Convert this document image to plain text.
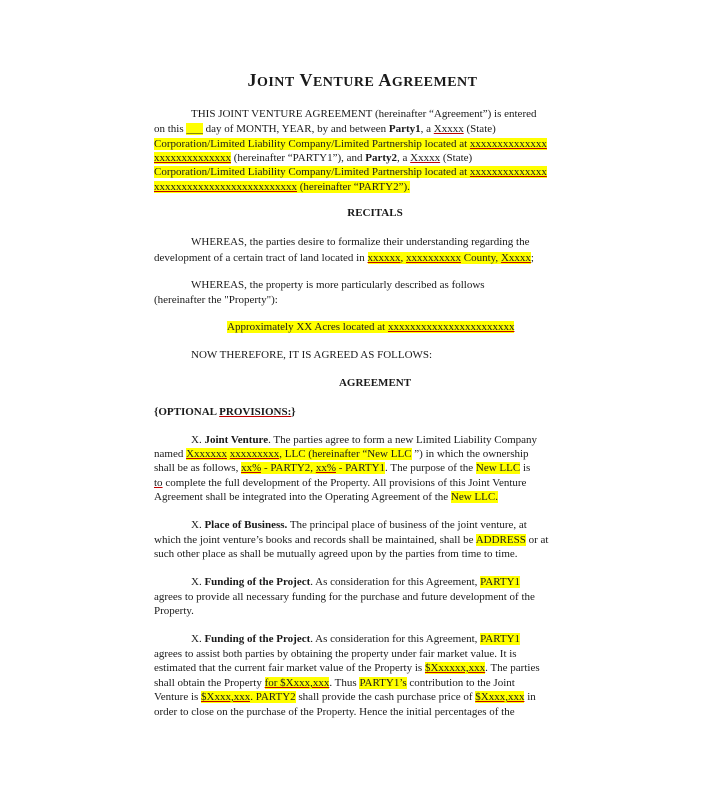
JOINT VENTURE AGREEMENT
THIS JOINT VENTURE AGREEMENT (hereinafter “Agreement”) is entered
on this ___ day of MONTH, YEAR, by and between Party1, a Xxxxx (State)
Corporation/Limited Liability Company/Limited Partnership located at xxxxxxxxxxxxxx
xxxxxxxxxxxxxx (hereinafter “PARTY1”), and Party2, a Xxxxx (State)
Corporation/Limited Liability Company/Limited Partnership located at xxxxxxxxxxxxxx
xxxxxxxxxxxxxxxxxxxxxxxxxx (hereinafter “PARTY2”).
RECITALS
WHEREAS, the parties desire to formalize their understanding regarding the
development of a certain tract of land located in xxxxxx, xxxxxxxxxx County, Xxxxx;
WHEREAS, the property is more particularly described as follows
(hereinafter the "Property"):
Approximately XX Acres located at xxxxxxxxxxxxxxxxxxxxxxx
NOW THEREFORE, IT IS AGREED AS FOLLOWS:
AGREEMENT
{OPTIONAL PROVISIONS:}
X. Joint Venture. The parties agree to form a new Limited Liability Company
named Xxxxxxx xxxxxxxxx, LLC (hereinafter “New LLC ”) in which the ownership
shall be as follows, xx% - PARTY2, xx% - PARTY1. The purpose of the New LLC is
to complete the full development of the Property. All provisions of this Joint Venture
Agreement shall be integrated into the Operating Agreement of the New LLC.
X. Place of Business. The principal place of business of the joint venture, at
which the joint venture’s books and records shall be maintained, shall be ADDRESS or at
such other place as shall be mutually agreed upon by the parties from time to time.
X. Funding of the Project. As consideration for this Agreement, PARTY1
agrees to provide all necessary funding for the purchase and future development of the
Property.
X. Funding of the Project. As consideration for this Agreement, PARTY1
agrees to assist both parties by obtaining the property under fair market value. It is
estimated that the current fair market value of the Property is $Xxxxxx,xxx. The parties
shall obtain the Property for $Xxxx,xxx. Thus PARTY1’s contribution to the Joint
Venture is $Xxxx,xxx. PARTY2 shall provide the cash purchase price of $Xxxx,xxx in
order to close on the purchase of the Property. Hence the initial percentages of the
